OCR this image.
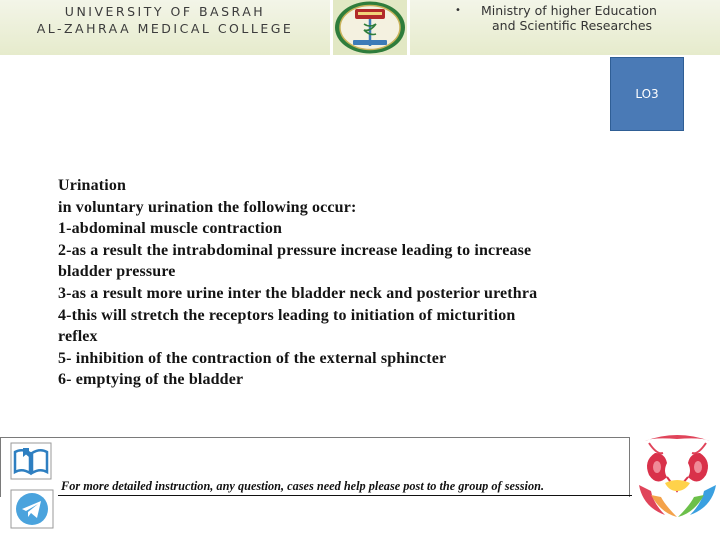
UNIVERSITY OF BASRAH
AL-ZAHRAA MEDICAL COLLEGE
• Ministry of higher Education
and Scientific Researches
LO3
Urination
in voluntary urination the following occur:
1-abdominal muscle contraction
2-as a result the intrabdominal pressure increase leading to increase
bladder pressure
3-as a result more urine inter the bladder neck and posterior urethra
4-this will stretch the receptors leading to initiation of micturition
reflex
5- inhibition of the contraction of the external sphincter
6- emptying of the bladder
For more detailed instruction, any question, cases need help please post to the group of session.
